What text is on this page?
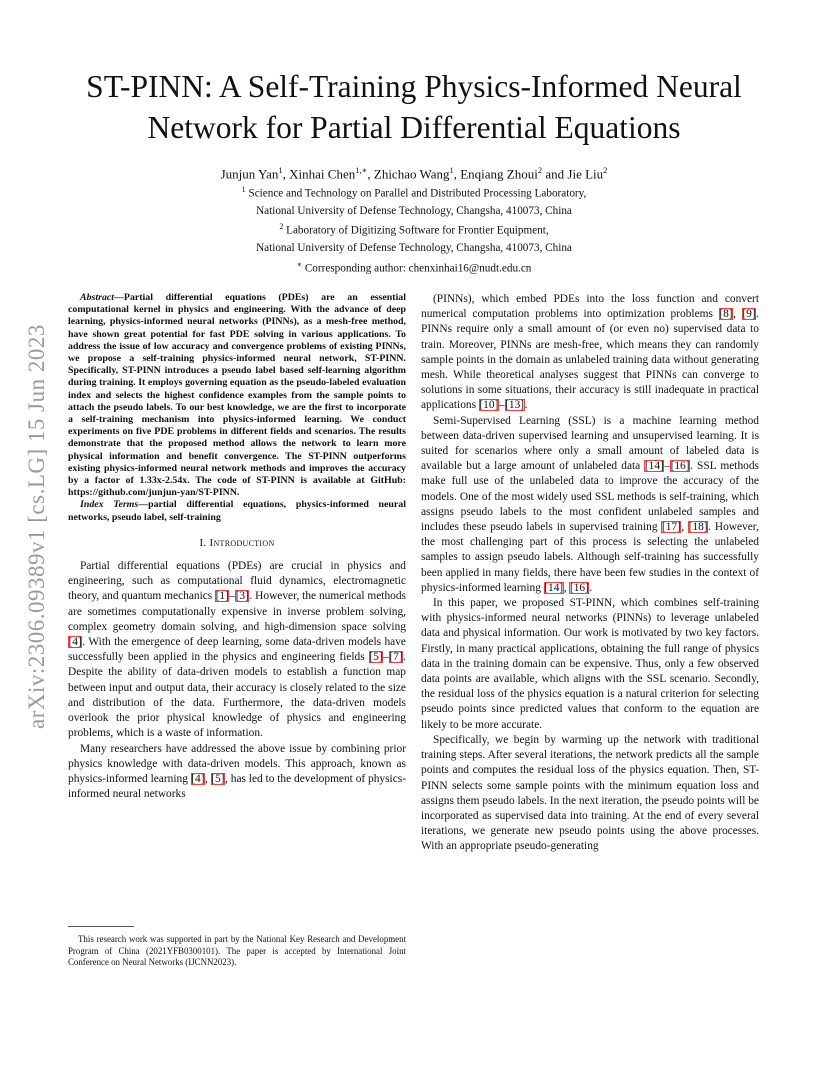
arXiv:2306.09389v1 [cs.LG] 15 Jun 2023
ST-PINN: A Self-Training Physics-Informed Neural
Network for Partial Differential Equations
Junjun Yan$^1$, Xinhai Chen$^{1,∗}$, Zhichao Wang$^1$, Enqiang Zhoui$^2$ and Jie Liu$^2$
$^1$ Science and Technology on Parallel and Distributed Processing Laboratory,
National University of Defense Technology, Changsha, 410073, China
$^2$ Laboratory of Digitizing Software for Frontier Equipment,
National University of Defense Technology, Changsha, 410073, China
∗ Corresponding author: chenxinhai16@nudt.edu.cn

Abstract—Partial differential equations (PDEs) are an essential computational kernel in physics and engineering. With the advance of deep learning, physics-informed neural networks (PINNs), as a mesh-free method, have shown great potential for fast PDE solving in various applications. To address the issue of low accuracy and convergence problems of existing PINNs, we propose a self-training physics-informed neural network, ST-PINN. Specifically, ST-PINN introduces a pseudo label based self-learning algorithm during training. It employs governing equation as the pseudo-labeled evaluation index and selects the highest confidence examples from the sample points to attach the pseudo labels. To our best knowledge, we are the first to incorporate a self-training mechanism into physics-informed learning. We conduct experiments on five PDE problems in different fields and scenarios. The results demonstrate that the proposed method allows the network to learn more physical information and benefit convergence. The ST-PINN outperforms existing physics-informed neural network methods and improves the accuracy by a factor of 1.33x-2.54x. The code of ST-PINN is available at GitHub: https://github.com/junjun-yan/ST-PINN.

Index Terms—partial differential equations, physics-informed neural networks, pseudo label, self-training

I. Introduction

Partial differential equations (PDEs) are crucial in physics and engineering, such as computational fluid dynamics, electromagnetic theory, and quantum mechanics [1]–[3]. However, the numerical methods are sometimes computationally expensive in inverse problem solving, complex geometry domain solving, and high-dimension space solving [4]. With the emergence of deep learning, some data-driven models have successfully been applied in the physics and engineering fields [5]–[7]. Despite the ability of data-driven models to establish a function map between input and output data, their accuracy is closely related to the size and distribution of the data. Furthermore, the data-driven models overlook the prior physical knowledge of physics and engineering problems, which is a waste of information.

Many researchers have addressed the above issue by combining prior physics knowledge with data-driven models. This approach, known as physics-informed learning [4], [5], has led to the development of physics-informed neural networks

(PINNs), which embed PDEs into the loss function and convert numerical computation problems into optimization problems [8], [9]. PINNs require only a small amount of (or even no) supervised data to train. Moreover, PINNs are mesh-free, which means they can randomly sample points in the domain as unlabeled training data without generating mesh. While theoretical analyses suggest that PINNs can converge to solutions in some situations, their accuracy is still inadequate in practical applications [10]–[13].

Semi-Supervised Learning (SSL) is a machine learning method between data-driven supervised learning and unsupervised learning. It is suited for scenarios where only a small amount of labeled data is available but a large amount of unlabeled data [14]–[16]. SSL methods make full use of the unlabeled data to improve the accuracy of the models. One of the most widely used SSL methods is self-training, which assigns pseudo labels to the most confident unlabeled samples and includes these pseudo labels in supervised training [17], [18]. However, the most challenging part of this process is selecting the unlabeled samples to assign pseudo labels. Although self-training has successfully been applied in many fields, there have been few studies in the context of physics-informed learning [14], [16].

In this paper, we proposed ST-PINN, which combines self-training with physics-informed neural networks (PINNs) to leverage unlabeled data and physical information. Our work is motivated by two key factors. Firstly, in many practical applications, obtaining the full range of physics data in the training domain can be expensive. Thus, only a few observed data points are available, which aligns with the SSL scenario. Secondly, the residual loss of the physics equation is a natural criterion for selecting pseudo points since predicted values that conform to the equation are likely to be more accurate.

Specifically, we begin by warming up the network with traditional training steps. After several iterations, the network predicts all the sample points and computes the residual loss of the physics equation. Then, ST-PINN selects some sample points with the minimum equation loss and assigns them pseudo labels. In the next iteration, the pseudo points will be incorporated as supervised data into training. At the end of every several iterations, we generate new pseudo points using the above processes. With an appropriate pseudo-generating

This research work was supported in part by the National Key Research and Development Program of China (2021YFB0300101). The paper is accepted by International Joint Conference on Neural Networks (IJCNN2023).
